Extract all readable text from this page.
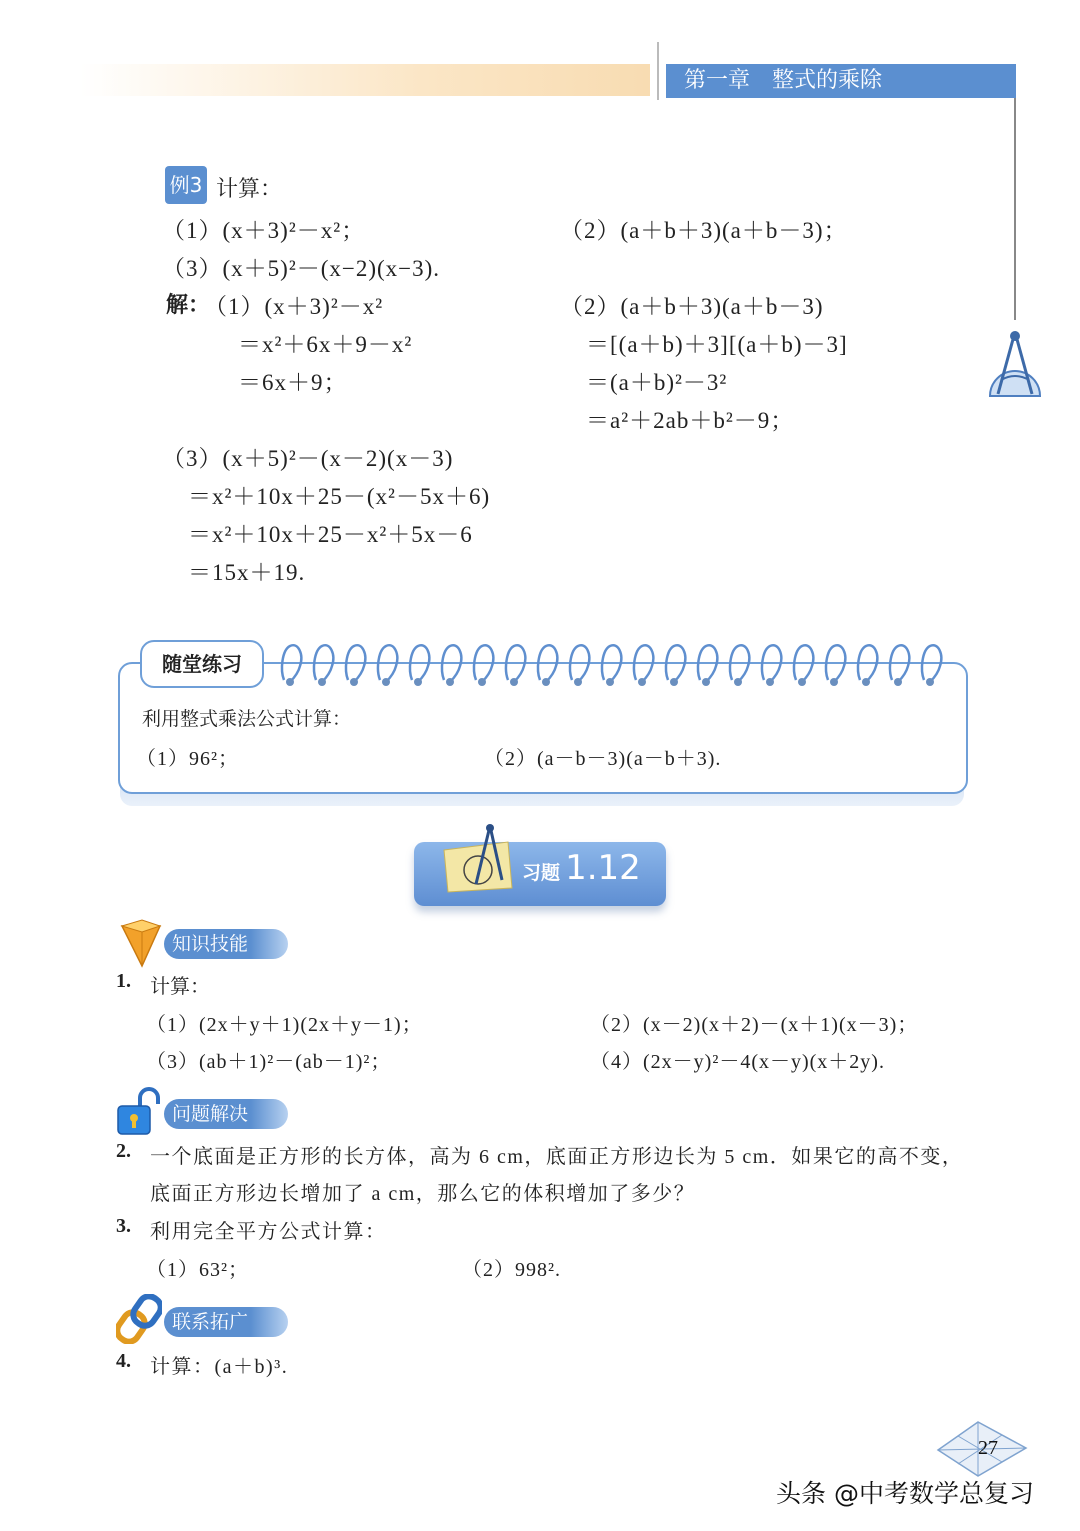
第一章　整式的乘除
例3 计算：
（1）(x＋3)²－x²；	（2）(a＋b＋3)(a＋b－3)；
（3）(x＋5)²－(x−2)(x−3).
解：
（1）(x＋3)²－x²
＝x²＋6x＋9－x²
＝6x＋9；
（2）(a＋b＋3)(a＋b－3)
＝[(a＋b)＋3][(a＋b)－3]
＝(a＋b)²－3²
＝a²＋2ab＋b²－9；
（3）(x＋5)²－(x－2)(x－3)
＝x²＋10x＋25－(x²－5x＋6)
＝x²＋10x＋25－x²＋5x－6
＝15x＋19.
随堂练习
利用整式乘法公式计算：
（1）96²；	（2）(a－b－3)(a－b＋3).
习题 1.12
知识技能
1. 计算：
（1）(2x＋y＋1)(2x＋y－1)；	（2）(x－2)(x＋2)－(x＋1)(x－3)；
（3）(ab＋1)²－(ab－1)²；	（4）(2x－y)²－4(x－y)(x＋2y).
问题解决
2. 一个底面是正方形的长方体，高为 6 cm，底面正方形边长为 5 cm．如果它的高不变，
底面正方形边长增加了 a cm，那么它的体积增加了多少？
3. 利用完全平方公式计算：
（1）63²；	（2）998².
联系拓广
4. 计算：(a＋b)³.
27
头条 @中考数学总复习
